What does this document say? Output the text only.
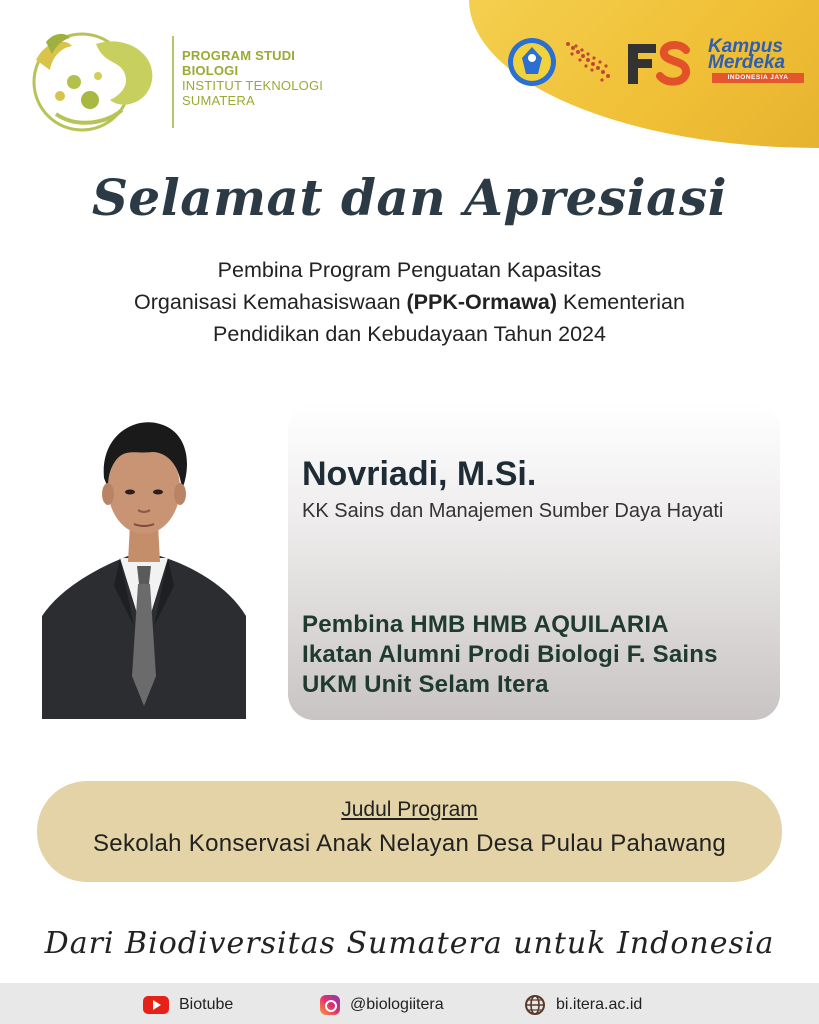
PROGRAM STUDI
BIOLOGI
INSTITUT TEKNOLOGI
SUMATERA
Kampus
Merdeka
INDONESIA JAYA
Selamat dan Apresiasi
Pembina Program Penguatan Kapasitas
Organisasi Kemahasiswaan (PPK-Ormawa) Kementerian
Pendidikan dan Kebudayaan Tahun 2024
Novriadi, M.Si.
KK Sains dan Manajemen Sumber Daya Hayati
Pembina HMB HMB AQUILARIA
Ikatan Alumni Prodi Biologi F. Sains
UKM Unit Selam Itera
Judul Program
Sekolah Konservasi Anak Nelayan Desa Pulau Pahawang
Dari Biodiversitas Sumatera untuk Indonesia
Biotube	@biologiitera	bi.itera.ac.id
